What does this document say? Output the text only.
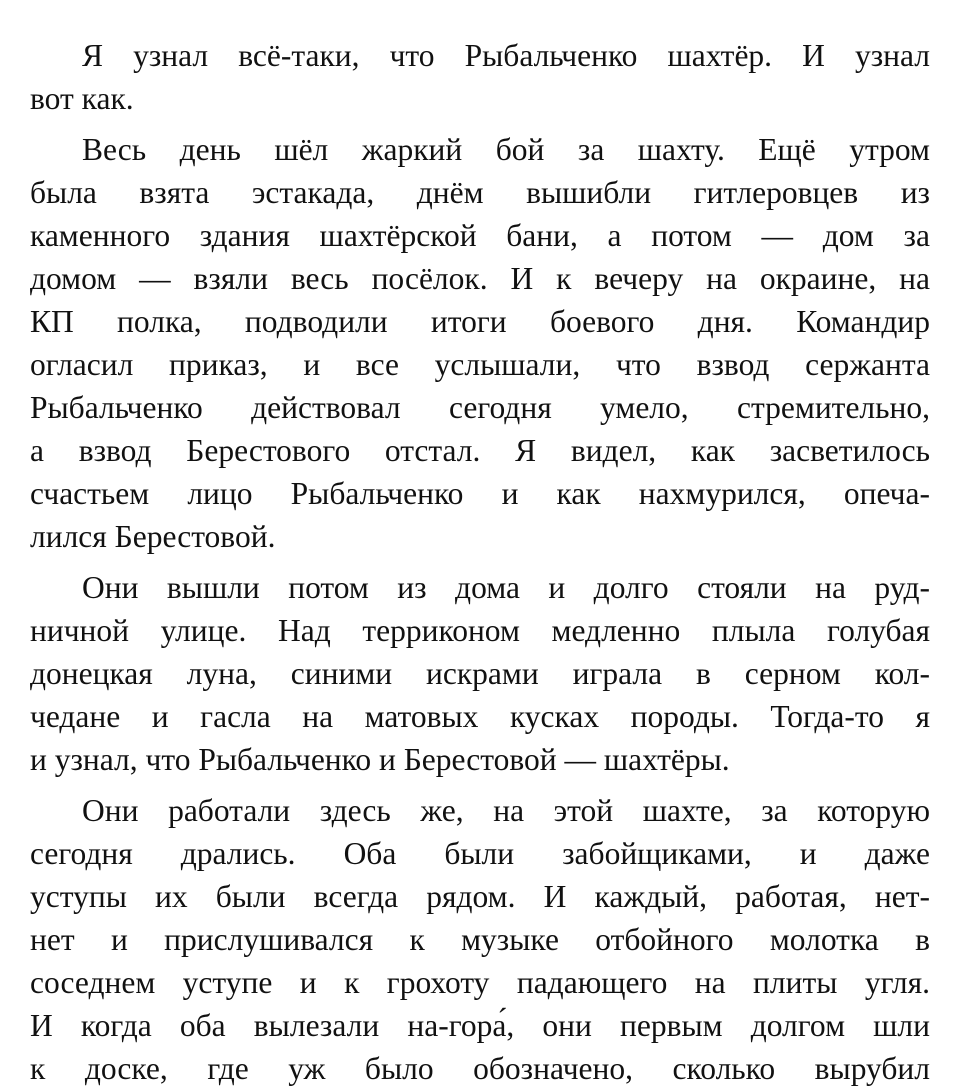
Я узнал всё-таки, что Рыбальченко шахтёр. И узнал
вот как.
Весь день шёл жаркий бой за шахту. Ещё утром
была взята эстакада, днём вышибли гитлеровцев из
каменного здания шахтёрской бани, а потом — дом за
домом — взяли весь посёлок. И к вечеру на окраине, на
КП полка, подводили итоги боевого дня. Командир
огласил приказ, и все услышали, что взвод сержанта
Рыбальченко действовал сегодня умело, стремительно,
а взвод Берестового отстал. Я видел, как засветилось
счастьем лицо Рыбальченко и как нахмурился, опеча-
лился Берестовой.
Они вышли потом из дома и долго стояли на руд-
ничной улице. Над терриконом медленно плыла голубая
донецкая луна, синими искрами играла в серном кол-
чедане и гасла на матовых кусках породы. Тогда-то я
и узнал, что Рыбальченко и Берестовой — шахтёры.
Они работали здесь же, на этой шахте, за которую
сегодня дрались. Оба были забойщиками, и даже
уступы их были всегда рядом. И каждый, работая, нет-
нет и прислушивался к музыке отбойного молотка в
соседнем уступе и к грохоту падающего на плиты угля.
И когда оба вылезали на-гора́, они первым долгом шли
к доске, где уж было обозначено, сколько вырубил
